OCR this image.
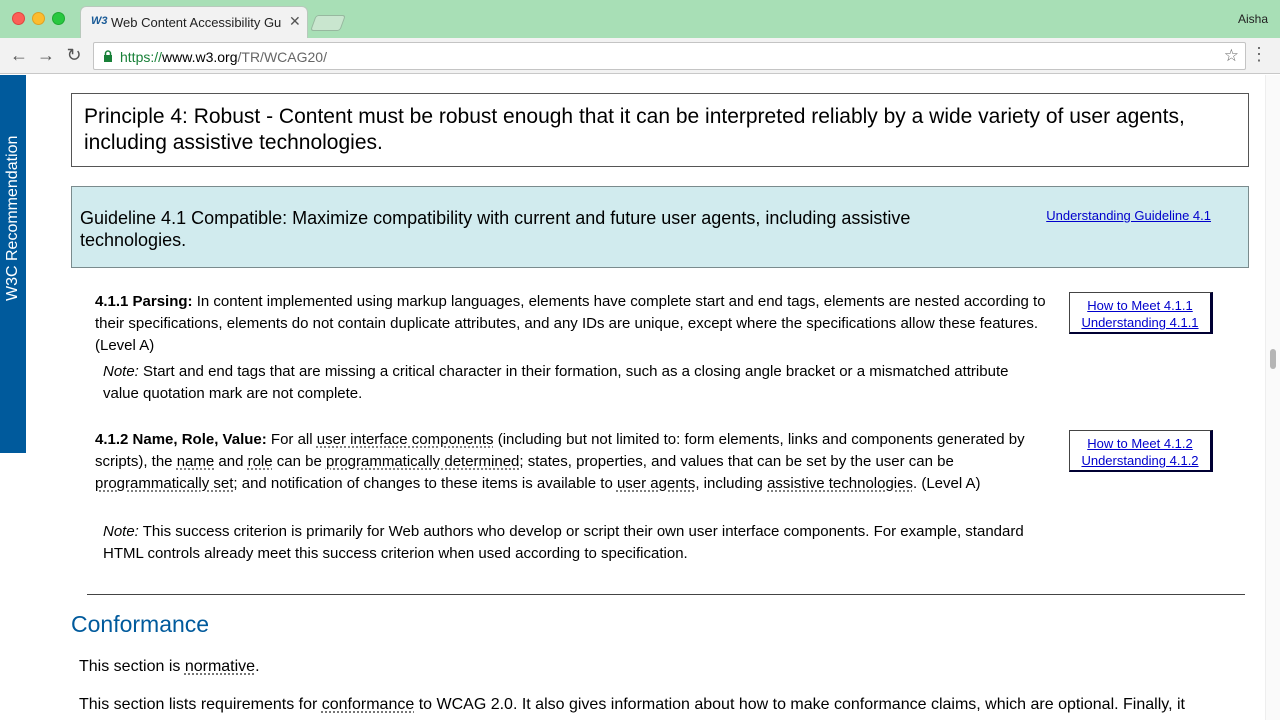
W3 Web Content Accessibility Gu ✕	Aisha
← → ↻	https://www.w3.org/TR/WCAG20/	☆ ⋮
W3C Recommendation
Principle 4: Robust - Content must be robust enough that it can be interpreted reliably by a wide variety of user agents, including assistive technologies.
Guideline 4.1 Compatible: Maximize compatibility with current and future user agents, including assistive technologies.
Understanding Guideline 4.1
4.1.1 Parsing: In content implemented using markup languages, elements have complete start and end tags, elements are nested according to their specifications, elements do not contain duplicate attributes, and any IDs are unique, except where the specifications allow these features. (Level A)
Note: Start and end tags that are missing a critical character in their formation, such as a closing angle bracket or a mismatched attribute value quotation mark are not complete.
How to Meet 4.1.1
Understanding 4.1.1
4.1.2 Name, Role, Value: For all user interface components (including but not limited to: form elements, links and components generated by scripts), the name and role can be programmatically determined; states, properties, and values that can be set by the user can be programmatically set; and notification of changes to these items is available to user agents, including assistive technologies. (Level A)
Note: This success criterion is primarily for Web authors who develop or script their own user interface components. For example, standard HTML controls already meet this success criterion when used according to specification.
How to Meet 4.1.2
Understanding 4.1.2
Conformance
This section is normative.
This section lists requirements for conformance to WCAG 2.0. It also gives information about how to make conformance claims, which are optional. Finally, it
